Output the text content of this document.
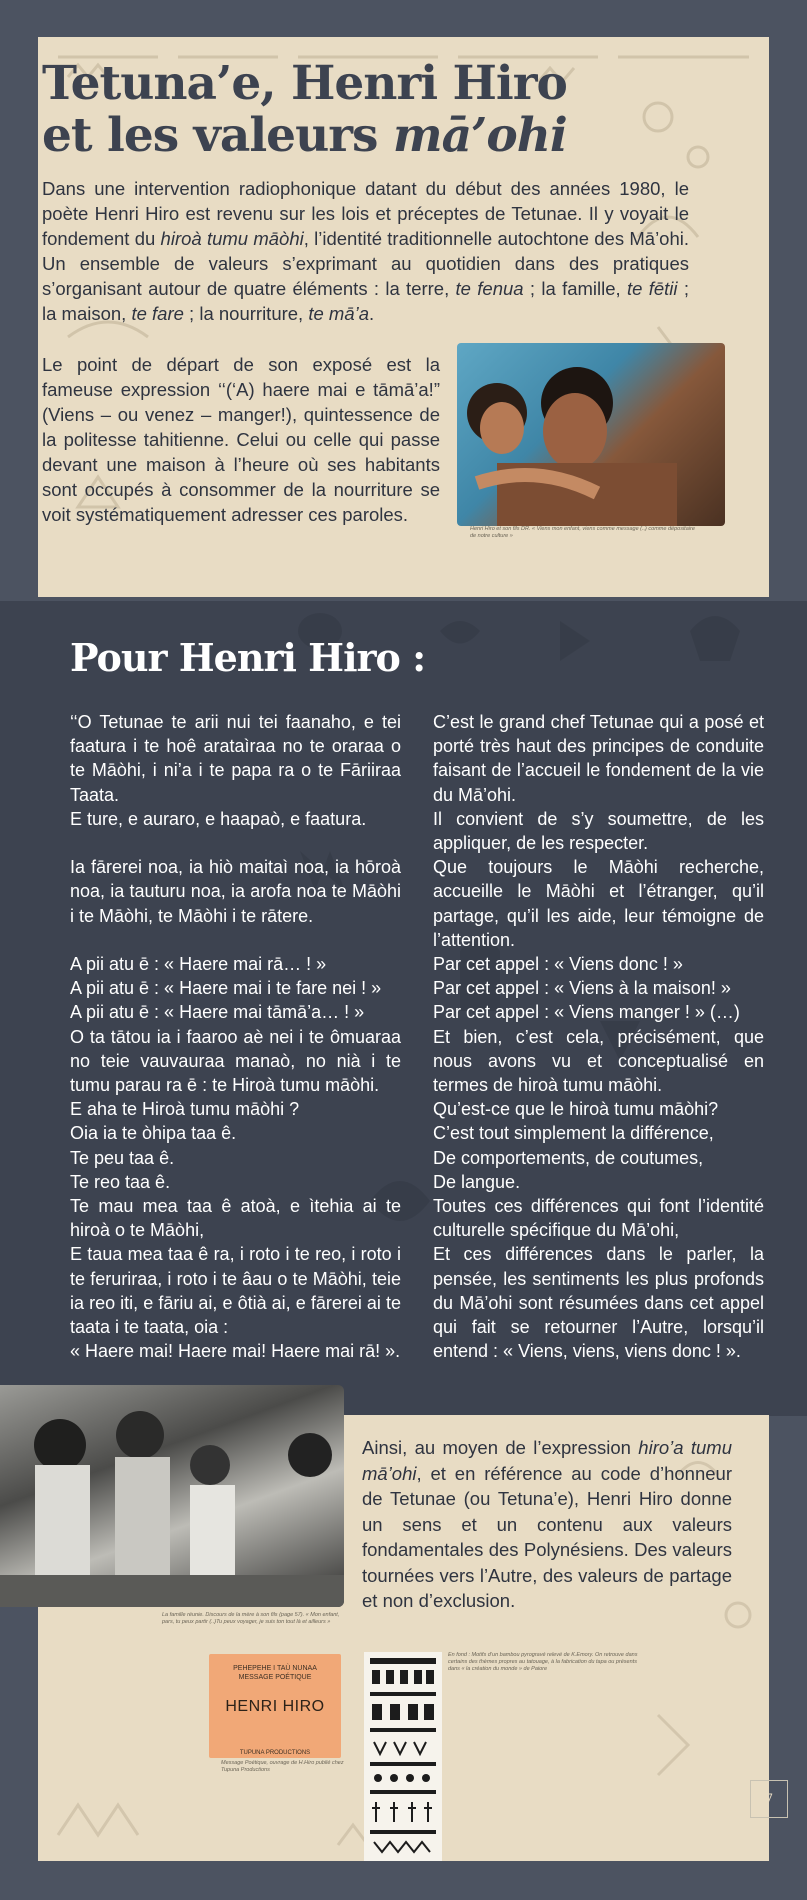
Tetuna’e, Henri Hiro
et les valeurs mā’ohi

Dans une intervention radiophonique datant du début des années 1980, le poète Henri Hiro est revenu sur les lois et préceptes de Tetunae. Il y voyait le fondement du hiroà tumu māòhi, l’identité traditionnelle autochtone des Mā’ohi. Un ensemble de valeurs s’exprimant au quotidien dans des pratiques s’organisant autour de quatre éléments : la terre, te fenua ; la famille, te fētii ; la maison, te fare ; la nourriture, te mā’a.

Le point de départ de son exposé est la fameuse expression ‘‘(‘A) haere mai e tāmā’a!” (Viens – ou venez – manger!), quintessence de la politesse tahitienne. Celui ou celle qui passe devant une maison à l’heure où ses habitants sont occupés à consommer de la nourriture se voit systématiquement adresser ces paroles.

Henri Hiro et son fils DR. « Viens mon enfant, viens comme message (..) comme dépositaire de notre culture »
Pour Henri Hiro :
‘‘O Tetunae te arii nui tei faanaho, e tei faatura i te hoê arataìraa no te oraraa o te Māòhi, i ni’a i te papa ra o te Fāriiraa Taata.
E ture, e auraro, e haapaò, e faatura.

Ia fārerei noa, ia hiò maitaì noa, ia hōroà noa, ia tauturu noa, ia arofa noa te Māòhi i te Māòhi, te Māòhi i te rātere.

A pii atu ē : « Haere mai rā… ! »
A pii atu ē : « Haere mai i te fare nei ! »
A pii atu ē : « Haere mai tāmā’a… ! »
O ta tātou ia i faaroo aè nei i te ômuaraa no teie vauvauraa manaò, no nià i te tumu parau ra ē : te Hiroà tumu māòhi.
E aha te Hiroà tumu māòhi ?
Oia ia te òhipa taa ê.
Te peu taa ê.
Te reo taa ê.
Te mau mea taa ê atoà, e ìtehia ai te hiroà o te Māòhi,
E taua mea taa ê ra, i roto i te reo, i roto i te feruriraa, i roto i te âau o te Māòhi, teie ia reo iti, e fāriu ai, e ôtià ai, e fārerei ai te taata i te taata, oia :
« Haere mai! Haere mai! Haere mai rā! ».
C’est le grand chef Tetunae qui a posé et porté très haut des principes de conduite faisant de l’accueil le fondement de la vie du Mā’ohi.
Il convient de s’y soumettre, de les appliquer, de les respecter.
Que toujours le Māòhi recherche, accueille le Māòhi et l’étranger, qu’il partage, qu’il les aide, leur témoigne de l’attention.
Par cet appel : « Viens donc ! »
Par cet appel : « Viens à la maison! »
Par cet appel : « Viens manger ! » (…)
Et bien, c’est cela, précisément, que nous avons vu et conceptualisé en termes de hiroà tumu māòhi.
Qu’est-ce que le hiroà tumu māòhi?
C’est tout simplement la différence,
De comportements, de coutumes,
De langue.
Toutes ces différences qui font l’identité culturelle spécifique du Mā’ohi,
Et ces différences dans le parler, la pensée, les sentiments les plus profonds du Mā’ohi sont résumées dans cet appel qui fait se retourner l’Autre, lorsqu’il entend : « Viens, viens, viens donc ! ».
La famille réunie. Discours de la mère à son fils (page 57). « Mon enfant, pars, tu peux partir (..)Tu peux voyager, je suis ton tout là et ailleurs »

Ainsi, au moyen de l’expression hiro’a tumu mā’ohi, et en référence au code d’honneur de Tetunae (ou Tetuna’e), Henri Hiro donne un sens et un contenu aux valeurs fondamentales des Polynésiens. Des valeurs tournées vers l’Autre, des valeurs de partage et non d’exclusion.

PEHEPEHE I TAÙ NUNAA
MESSAGE POÉTIQUE
HENRI HIRO
TUPUNA PRODUCTIONS
Message Poétique, ouvrage de H.Hiro publié chez Tupuna Productions
En fond : Motifs d’un bambou pyrogravé relevé de K.Emory. On retrouve dans certains des thèmes propres au tatouage, à la fabrication du tapa ou présents dans « la création du monde » de Paiore
7
